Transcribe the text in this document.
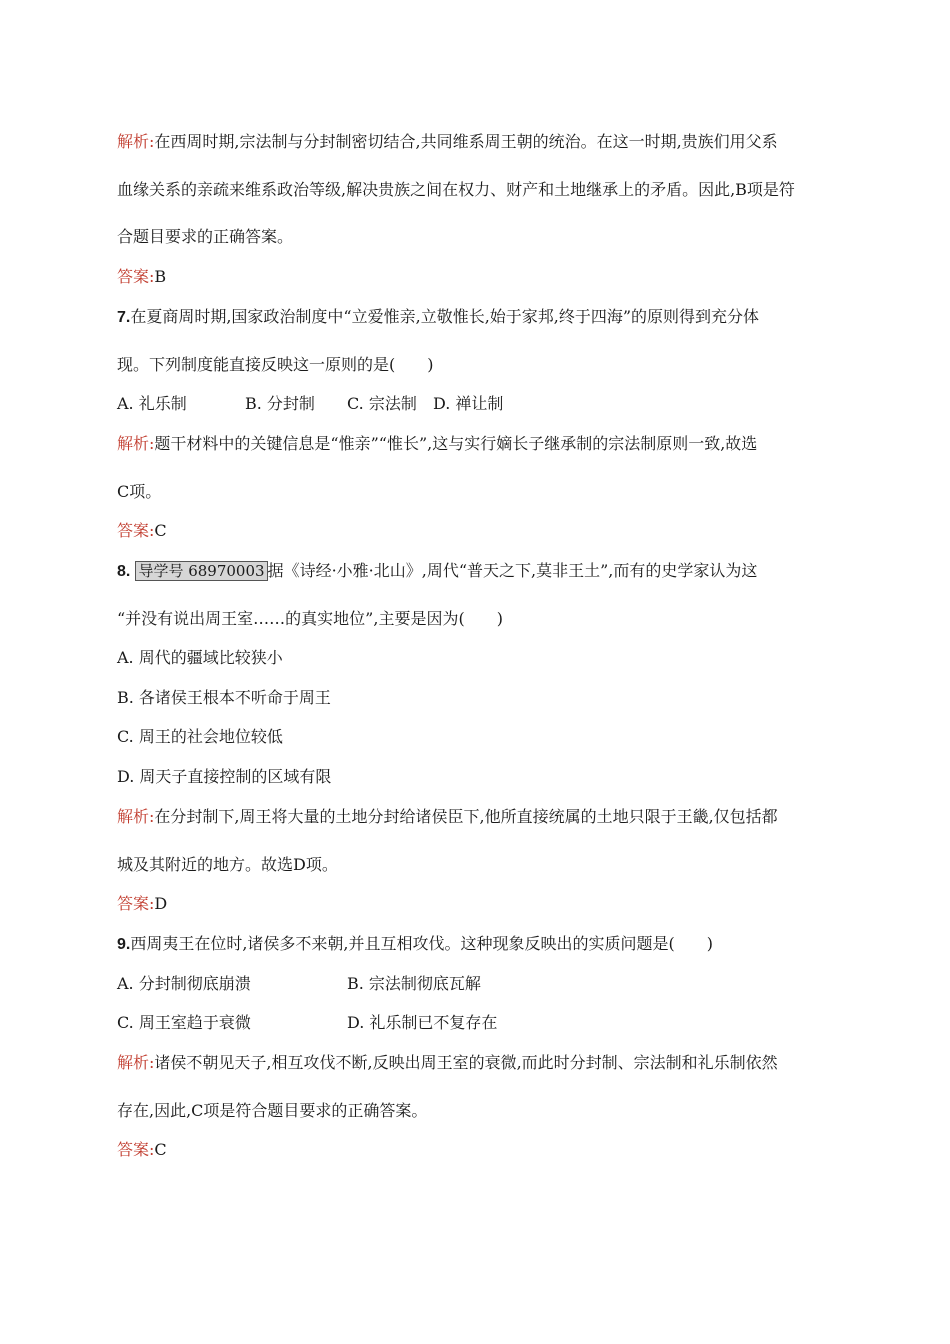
解析:在西周时期,宗法制与分封制密切结合,共同维系周王朝的统治。在这一时期,贵族们用父系
血缘关系的亲疏来维系政治等级,解决贵族之间在权力、财产和土地继承上的矛盾。因此,B项是符
合题目要求的正确答案。
答案:B
7.在夏商周时期,国家政治制度中“立爱惟亲,立敬惟长,始于家邦,终于四海”的原则得到充分体
现。下列制度能直接反映这一原则的是(　　)
A. 礼乐制	B. 分封制 C. 宗法制 D. 禅让制
解析:题干材料中的关键信息是“惟亲”“惟长”,这与实行嫡长子继承制的宗法制原则一致,故选
C项。
答案:C
8. 导学号 68970003 据《诗经·小雅·北山》,周代“普天之下,莫非王土”,而有的史学家认为这
“并没有说出周王室……的真实地位”,主要是因为(　　)
A. 周代的疆域比较狭小
B. 各诸侯王根本不听命于周王
C. 周王的社会地位较低
D. 周天子直接控制的区域有限
解析:在分封制下,周王将大量的土地分封给诸侯臣下,他所直接统属的土地只限于王畿,仅包括都
城及其附近的地方。故选D项。
答案:D
9.西周夷王在位时,诸侯多不来朝,并且互相攻伐。这种现象反映出的实质问题是(　　)
A. 分封制彻底崩溃	B. 宗法制彻底瓦解
C. 周王室趋于衰微	D. 礼乐制已不复存在
解析:诸侯不朝见天子,相互攻伐不断,反映出周王室的衰微,而此时分封制、宗法制和礼乐制依然
存在,因此,C项是符合题目要求的正确答案。
答案:C
